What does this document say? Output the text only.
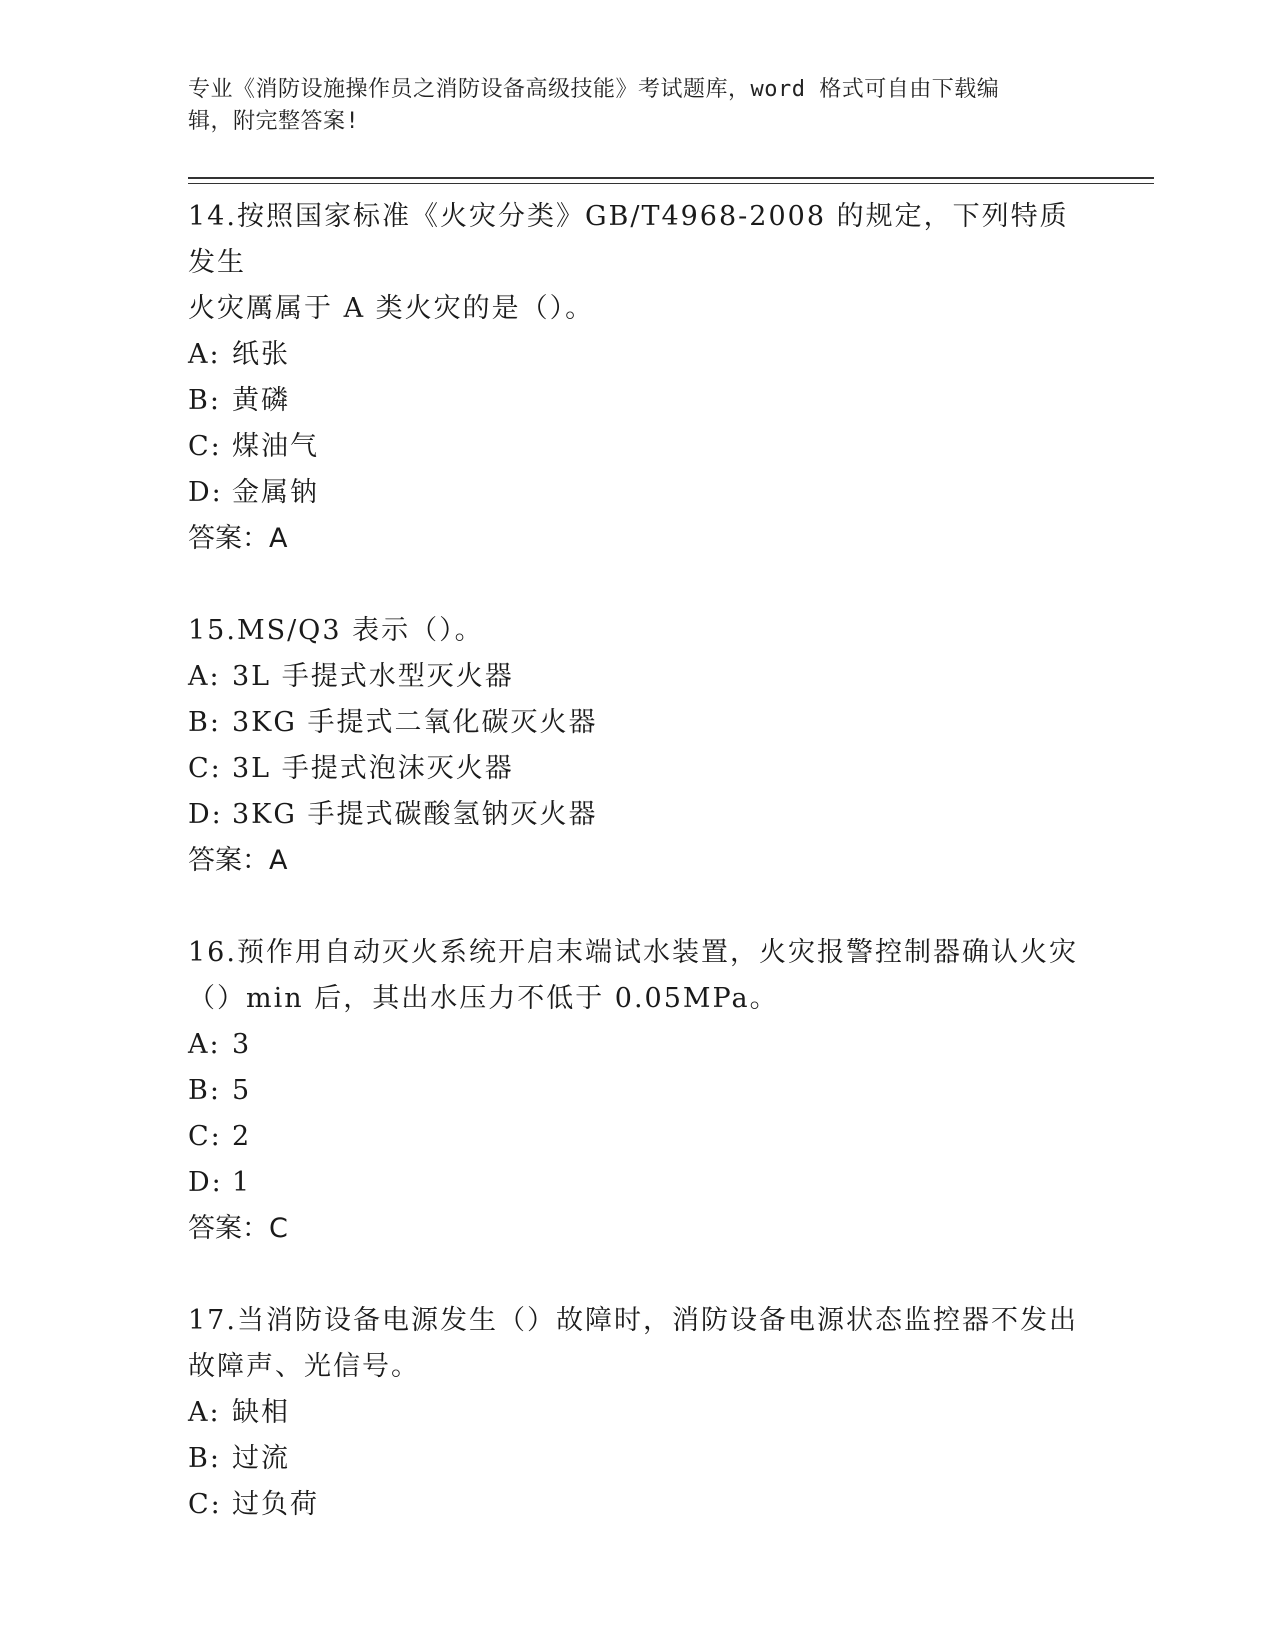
专业《消防设施操作员之消防设备高级技能》考试题库，word 格式可自由下载编
辑，附完整答案!
14.按照国家标准《火灾分类》GB/T4968-2008 的规定，下列特质发生
火灾厲属于 A 类火灾的是（）。
A: 纸张
B: 黄磷
C: 煤油气
D: 金属钠
答案：A
15.MS/Q3 表示（）。
A: 3L 手提式水型灭火器
B: 3KG 手提式二氧化碳灭火器
C: 3L 手提式泡沫灭火器
D: 3KG 手提式碳酸氢钠灭火器
答案：A
16.预作用自动灭火系统开启末端试水装置，火灾报警控制器确认火灾
（）min 后，其出水压力不低于 0.05MPa。
A: 3
B: 5
C: 2
D: 1
答案：C
17.当消防设备电源发生（）故障时，消防设备电源状态监控器不发出
故障声、光信号。
A: 缺相
B: 过流
C: 过负荷
